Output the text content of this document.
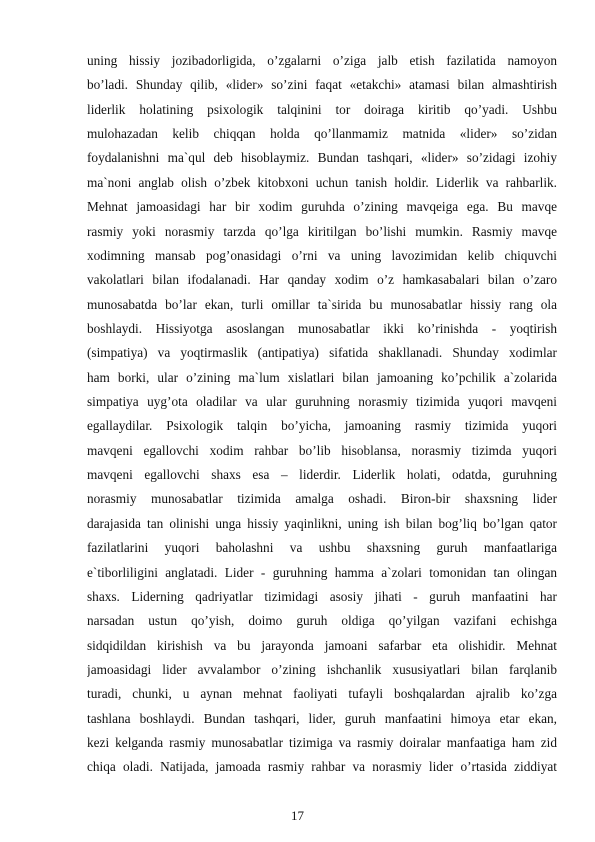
uning hissiy jozibadorligida, o’zgalarni o’ziga jalb etish fazilatida namoyon
bo’ladi. Shunday qilib, «lider» so’zini faqat «etakchi» atamasi bilan almashtirish
liderlik holatining psixologik talqinini tor doiraga kiritib qo’yadi. Ushbu
mulohazadan kelib chiqqan holda qo’llanmamiz matnida «lider» so’zidan
foydalanishni ma`qul deb hisoblaymiz. Bundan tashqari, «lider» so’zidagi izohiy
ma`noni anglab olish o’zbek kitobxoni uchun tanish holdir. Liderlik va rahbarlik.
Mehnat jamoasidagi har bir xodim guruhda o’zining mavqeiga ega. Bu mavqe
rasmiy yoki norasmiy tarzda qo’lga kiritilgan bo’lishi mumkin. Rasmiy mavqe
xodimning mansab pog’onasidagi o’rni va uning lavozimidan kelib chiquvchi
vakolatlari bilan ifodalanadi. Har qanday xodim o’z hamkasabalari bilan o’zaro
munosabatda bo’lar ekan, turli omillar ta`sirida bu munosabatlar hissiy rang ola
boshlaydi. Hissiyotga asoslangan munosabatlar ikki ko’rinishda - yoqtirish
(simpatiya) va yoqtirmaslik (antipatiya) sifatida shakllanadi. Shunday xodimlar
ham borki, ular o’zining ma`lum xislatlari bilan jamoaning ko’pchilik a`zolarida
simpatiya uyg’ota oladilar va ular guruhning norasmiy tizimida yuqori mavqeni
egallaydilar. Psixologik talqin bo’yicha, jamoaning rasmiy tizimida yuqori
mavqeni egallovchi xodim rahbar bo’lib hisoblansa, norasmiy tizimda yuqori
mavqeni egallovchi shaxs esa – liderdir. Liderlik holati, odatda, guruhning
norasmiy munosabatlar tizimida amalga oshadi. Biron-bir shaxsning lider
darajasida tan olinishi unga hissiy yaqinlikni, uning ish bilan bog’liq bo’lgan qator
fazilatlarini yuqori baholashni va ushbu shaxsning guruh manfaatlariga
e`tiborliligini anglatadi. Lider - guruhning hamma a`zolari tomonidan tan olingan
shaxs. Liderning qadriyatlar tizimidagi asosiy jihati - guruh manfaatini har
narsadan ustun qo’yish, doimo guruh oldiga qo’yilgan vazifani echishga
sidqidildan kirishish va bu jarayonda jamoani safarbar eta olishidir. Mehnat
jamoasidagi lider avvalambor o’zining ishchanlik xususiyatlari bilan farqlanib
turadi, chunki, u aynan mehnat faoliyati tufayli boshqalardan ajralib ko’zga
tashlana boshlaydi. Bundan tashqari, lider, guruh manfaatini himoya etar ekan,
kezi kelganda rasmiy munosabatlar tizimiga va rasmiy doiralar manfaatiga ham zid
chiqa oladi. Natijada, jamoada rasmiy rahbar va norasmiy lider o’rtasida ziddiyat
17
